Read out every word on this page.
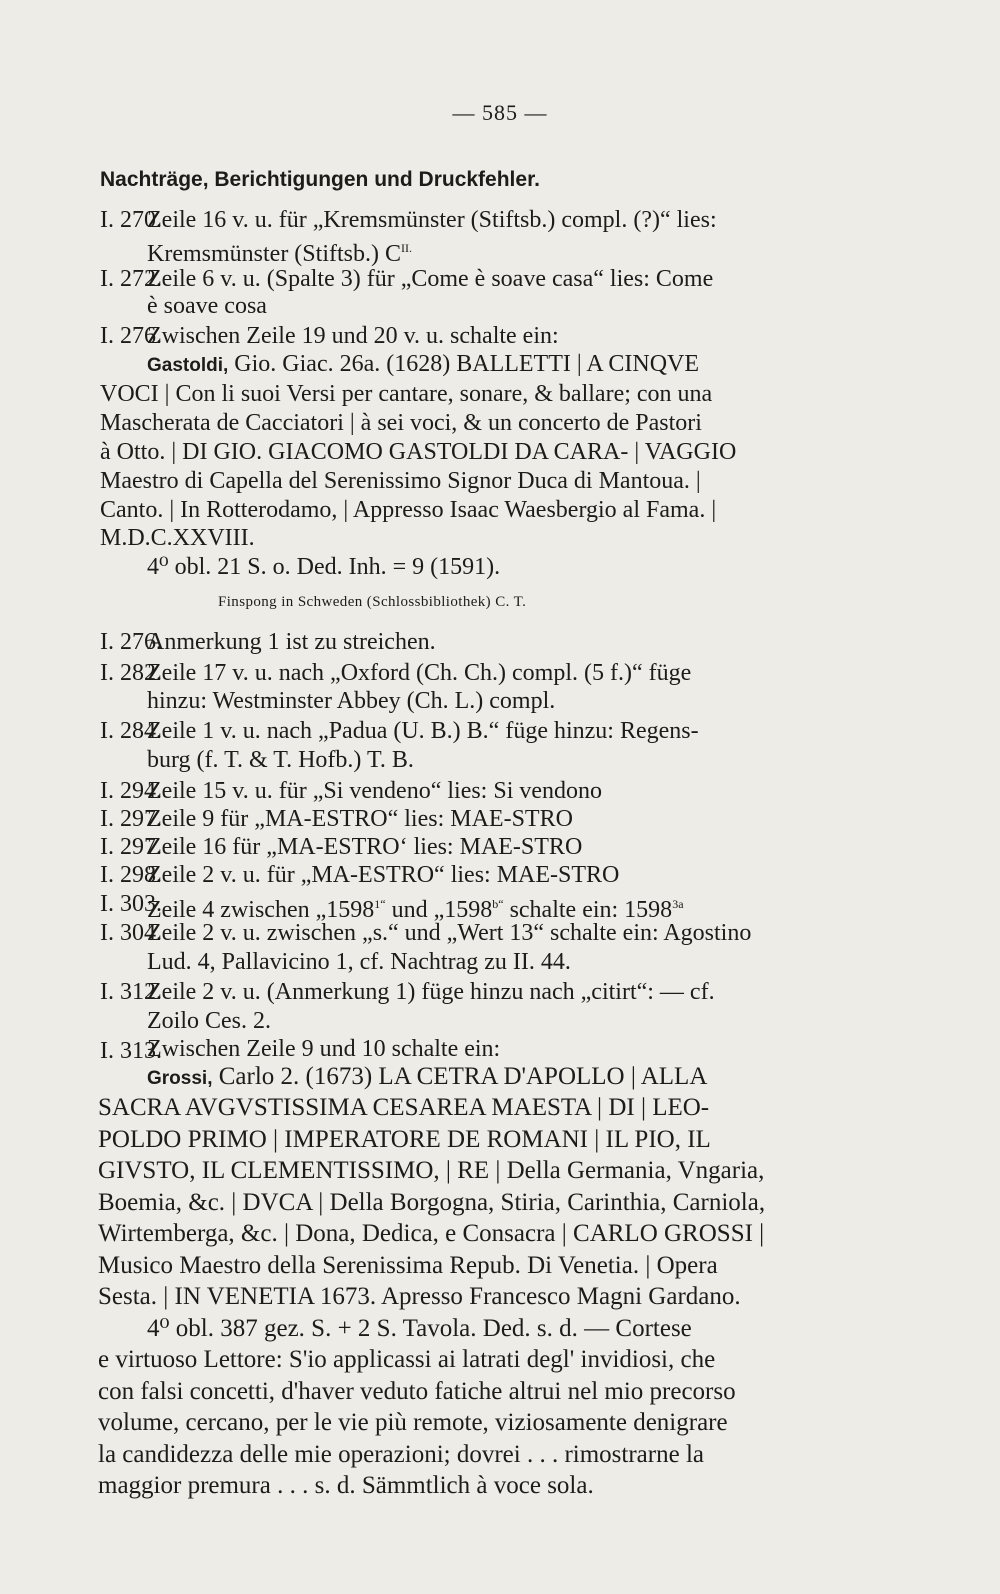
— 585 —
Nachträge, Berichtigungen und Druckfehler.
I. 270.
Zeile 16 v. u. für „Kremsmünster (Stiftsb.) compl. (?)“ lies:
Kremsmünster (Stiftsb.) $C^{II.}$
I. 272.
Zeile 6 v. u. (Spalte 3) für „Come è soave casa“ lies: Come
è soave cosa
I. 276.
Zwischen Zeile 19 und 20 v. u. schalte ein:
Gastoldi, Gio. Giac. 26a. (1628) BALLETTI | A CINQVE
VOCI | Con li suoi Versi per cantare, sonare, & ballare; con una
Mascherata de Cacciatori | à sei voci, & un concerto de Pastori
à Otto. | DI GIO. GIACOMO GASTOLDI DA CARA- | VAGGIO
Maestro di Capella del Serenissimo Signor Duca di Mantoua. |
Canto. | In Rotterodamo, | Appresso Isaac Waesbergio al Fama. |
M.D.C.XXVIII.
4⁰ obl. 21 S. o. Ded. Inh. = 9 (1591).
Finspong in Schweden (Schlossbibliothek) C. T.
I. 276.
Anmerkung 1 ist zu streichen.
I. 282.
Zeile 17 v. u. nach „Oxford (Ch. Ch.) compl. (5 f.)“ füge
hinzu: Westminster Abbey (Ch. L.) compl.
I. 284.
Zeile 1 v. u. nach „Padua (U. B.) B.“ füge hinzu: Regens-
burg (f. T. & T. Hofb.) T. B.
I. 294.
Zeile 15 v. u. für „Si vendeno“ lies: Si vendono
I. 297.
Zeile 9 für „MA-ESTRO“ lies: MAE-STRO
I. 297.
Zeile 16 für „MA-ESTRO‘ lies: MAE-STRO
I. 298.
Zeile 2 v. u. für „MA-ESTRO“ lies: MAE-STRO
I. 303.
Zeile 4 zwischen $„1598^{1“}$ und $„1598^{b“}$ schalte ein: $1598^{3a}$
I. 304.
Zeile 2 v. u. zwischen „s.“ und „Wert 13“ schalte ein: Agostino
Lud. 4, Pallavicino 1, cf. Nachtrag zu II. 44.
I. 312.
Zeile 2 v. u. (Anmerkung 1) füge hinzu nach „citirt“: — cf.
Zoilo Ces. 2.
I. 313.
Zwischen Zeile 9 und 10 schalte ein:
Grossi, Carlo 2. (1673) LA CETRA D'APOLLO | ALLA
SACRA AVGVSTISSIMA CESAREA MAESTA | DI | LEO-
POLDO PRIMO | IMPERATORE DE ROMANI | IL PIO, IL
GIVSTO, IL CLEMENTISSIMO, | RE | Della Germania, Vngaria,
Boemia, &c. | DVCA | Della Borgogna, Stiria, Carinthia, Carniola,
Wirtemberga, &c. | Dona, Dedica, e Consacra | CARLO GROSSI |
Musico Maestro della Serenissima Repub. Di Venetia. | Opera
Sesta. | IN VENETIA 1673. Apresso Francesco Magni Gardano.
4⁰ obl. 387 gez. S. + 2 S. Tavola. Ded. s. d. — Cortese
e virtuoso Lettore: S'io applicassi ai latrati degl' invidiosi, che
con falsi concetti, d'haver veduto fatiche altrui nel mio precorso
volume, cercano, per le vie più remote, viziosamente denigrare
la candidezza delle mie operazioni; dovrei . . . rimostrarne la
maggior premura . . . s. d. Sämmtlich à voce sola.
